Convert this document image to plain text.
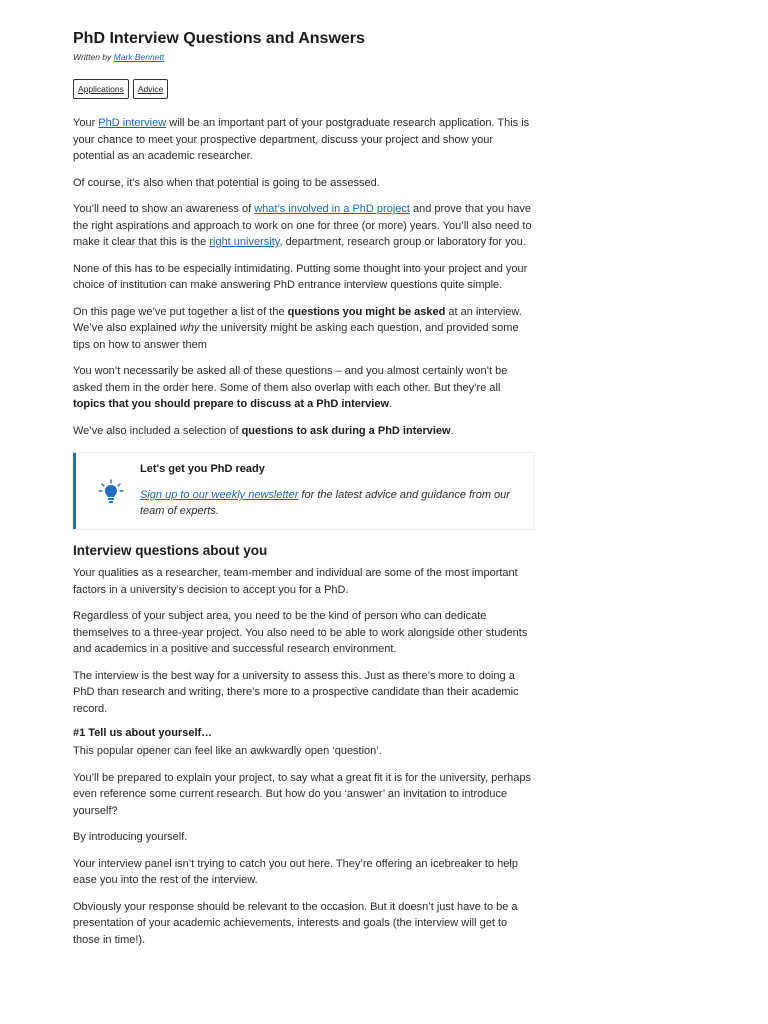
PhD Interview Questions and Answers
Written by Mark Bennett
Applications	Advice

Your PhD interview will be an important part of your postgraduate research application. This is your chance to meet your prospective department, discuss your project and show your potential as an academic researcher.

Of course, it’s also when that potential is going to be assessed.

You’ll need to show an awareness of what’s involved in a PhD project and prove that you have the right aspirations and approach to work on one for three (or more) years. You’ll also need to make it clear that this is the right university, department, research group or laboratory for you.

None of this has to be especially intimidating. Putting some thought into your project and your choice of institution can make answering PhD entrance interview questions quite simple.

On this page we’ve put together a list of the questions you might be asked at an interview. We’ve also explained why the university might be asking each question, and provided some tips on how to answer them

You won’t necessarily be asked all of these questions – and you almost certainly won’t be asked them in the order here. Some of them also overlap with each other. But they’re all topics that you should prepare to discuss at a PhD interview.

We’ve also included a selection of questions to ask during a PhD interview.

Let's get you PhD ready
Sign up to our weekly newsletter for the latest advice and guidance from our team of experts.
Interview questions about you

Your qualities as a researcher, team-member and individual are some of the most important factors in a university’s decision to accept you for a PhD.

Regardless of your subject area, you need to be the kind of person who can dedicate themselves to a three-year project. You also need to be able to work alongside other students and academics in a positive and successful research environment.

The interview is the best way for a university to assess this. Just as there’s more to doing a PhD than research and writing, there’s more to a prospective candidate than their academic record.

#1 Tell us about yourself…

This popular opener can feel like an awkwardly open ‘question’.

You’ll be prepared to explain your project, to say what a great fit it is for the university, perhaps even reference some current research. But how do you ‘answer’ an invitation to introduce yourself?

By introducing yourself.

Your interview panel isn’t trying to catch you out here. They’re offering an icebreaker to help ease you into the rest of the interview.

Obviously your response should be relevant to the occasion. But it doesn’t just have to be a presentation of your academic achievements, interests and goals (the interview will get to those in time!).
